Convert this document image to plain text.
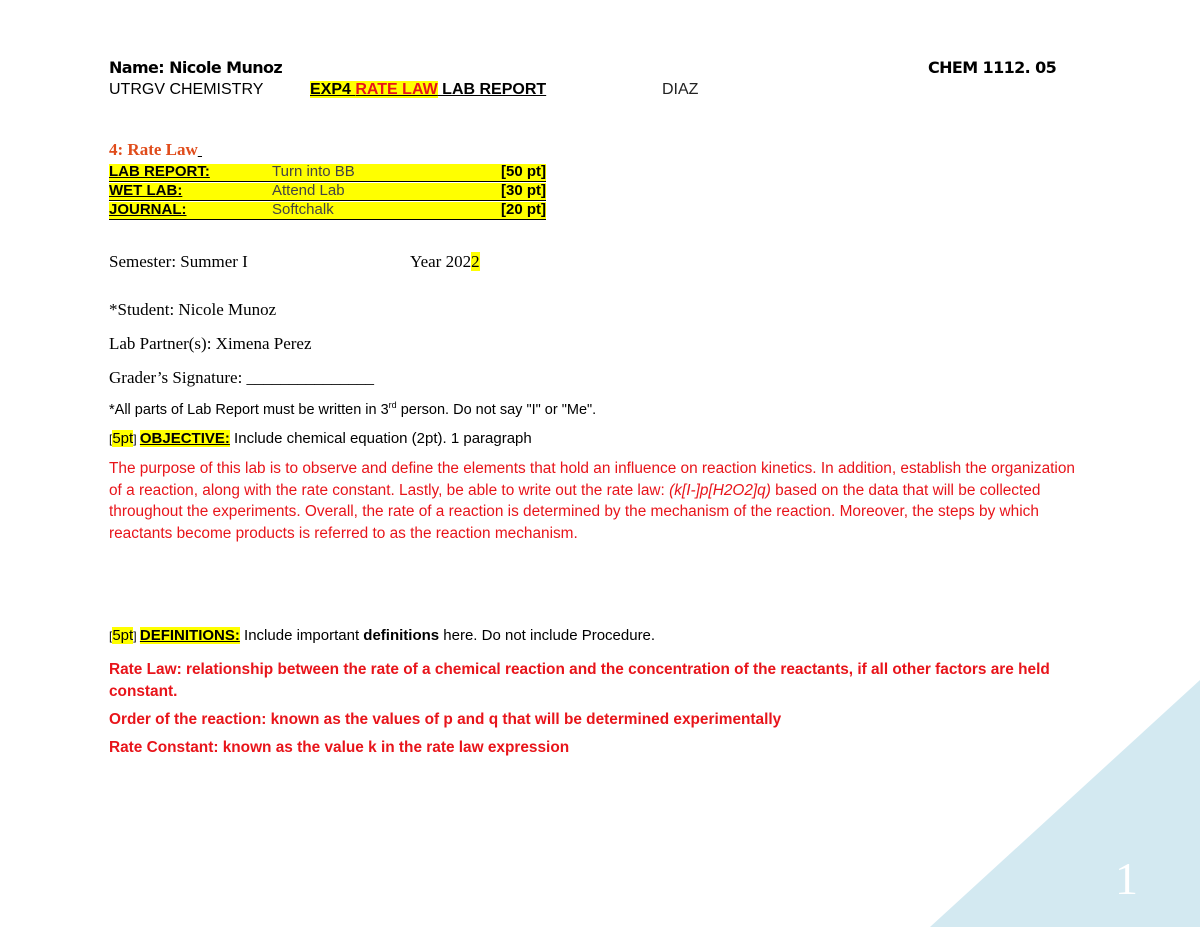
Name: Nicole Munoz	CHEM 1112. 05
UTRGV CHEMISTRY	EXP4 RATE LAW LAB REPORT	DIAZ
4: Rate Law
LAB REPORT:	Turn into BB	[50 pt]
WET LAB:	Attend Lab	[30 pt]
JOURNAL:	Softchalk	[20 pt]
Semester: Summer I	Year 2022
*Student: Nicole Munoz
Lab Partner(s): Ximena Perez
Grader’s Signature: _______________
*All parts of Lab Report must be written in 3rd person. Do not say "I" or "Me".
[5pt] OBJECTIVE: Include chemical equation (2pt). 1 paragraph
The purpose of this lab is to observe and define the elements that hold an influence on reaction kinetics. In addition, establish the organization of a reaction, along with the rate constant. Lastly, be able to write out the rate law: (k[I-]p[H2O2]q) based on the data that will be collected throughout the experiments. Overall, the rate of a reaction is determined by the mechanism of the reaction. Moreover, the steps by which reactants become products is referred to as the reaction mechanism.
[5pt] DEFINITIONS: Include important definitions here. Do not include Procedure.
Rate Law: relationship between the rate of a chemical reaction and the concentration of the reactants, if all other factors are held constant.
Order of the reaction: known as the values of p and q that will be determined experimentally
Rate Constant: known as the value k in the rate law expression
1
